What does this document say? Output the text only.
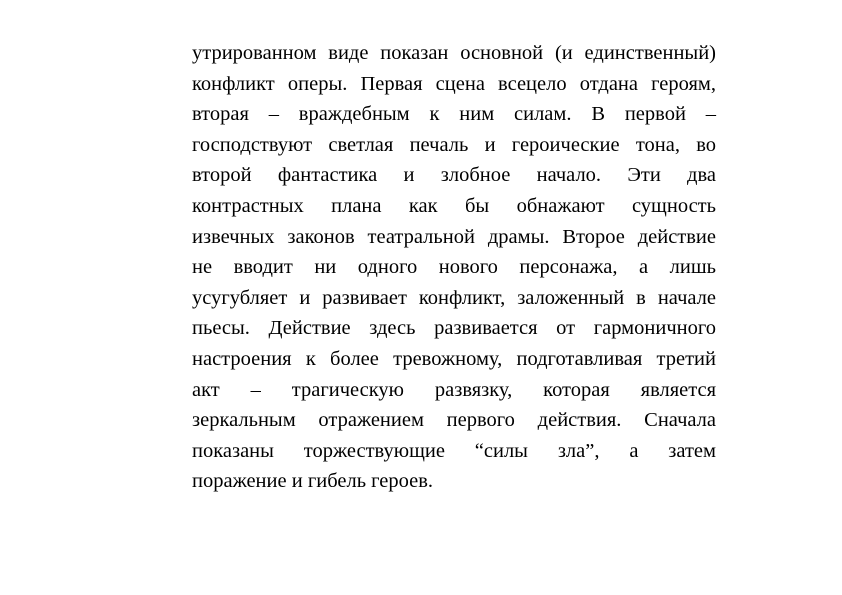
утрированном виде показан основной (и единственный)
конфликт оперы. Первая сцена всецело отдана героям,
вторая – враждебным к ним силам. В первой –
господствуют светлая печаль и героические тона, во
второй фантастика и злобное начало. Эти два
контрастных плана как бы обнажают сущность
извечных законов театральной драмы. Второе действие
не вводит ни одного нового персонажа, а лишь
усугубляет и развивает конфликт, заложенный в начале
пьесы. Действие здесь развивается от гармоничного
настроения к более тревожному, подготавливая третий
акт – трагическую развязку, которая является
зеркальным отражением первого действия. Сначала
показаны торжествующие “силы зла”, а затем
поражение и гибель героев.
